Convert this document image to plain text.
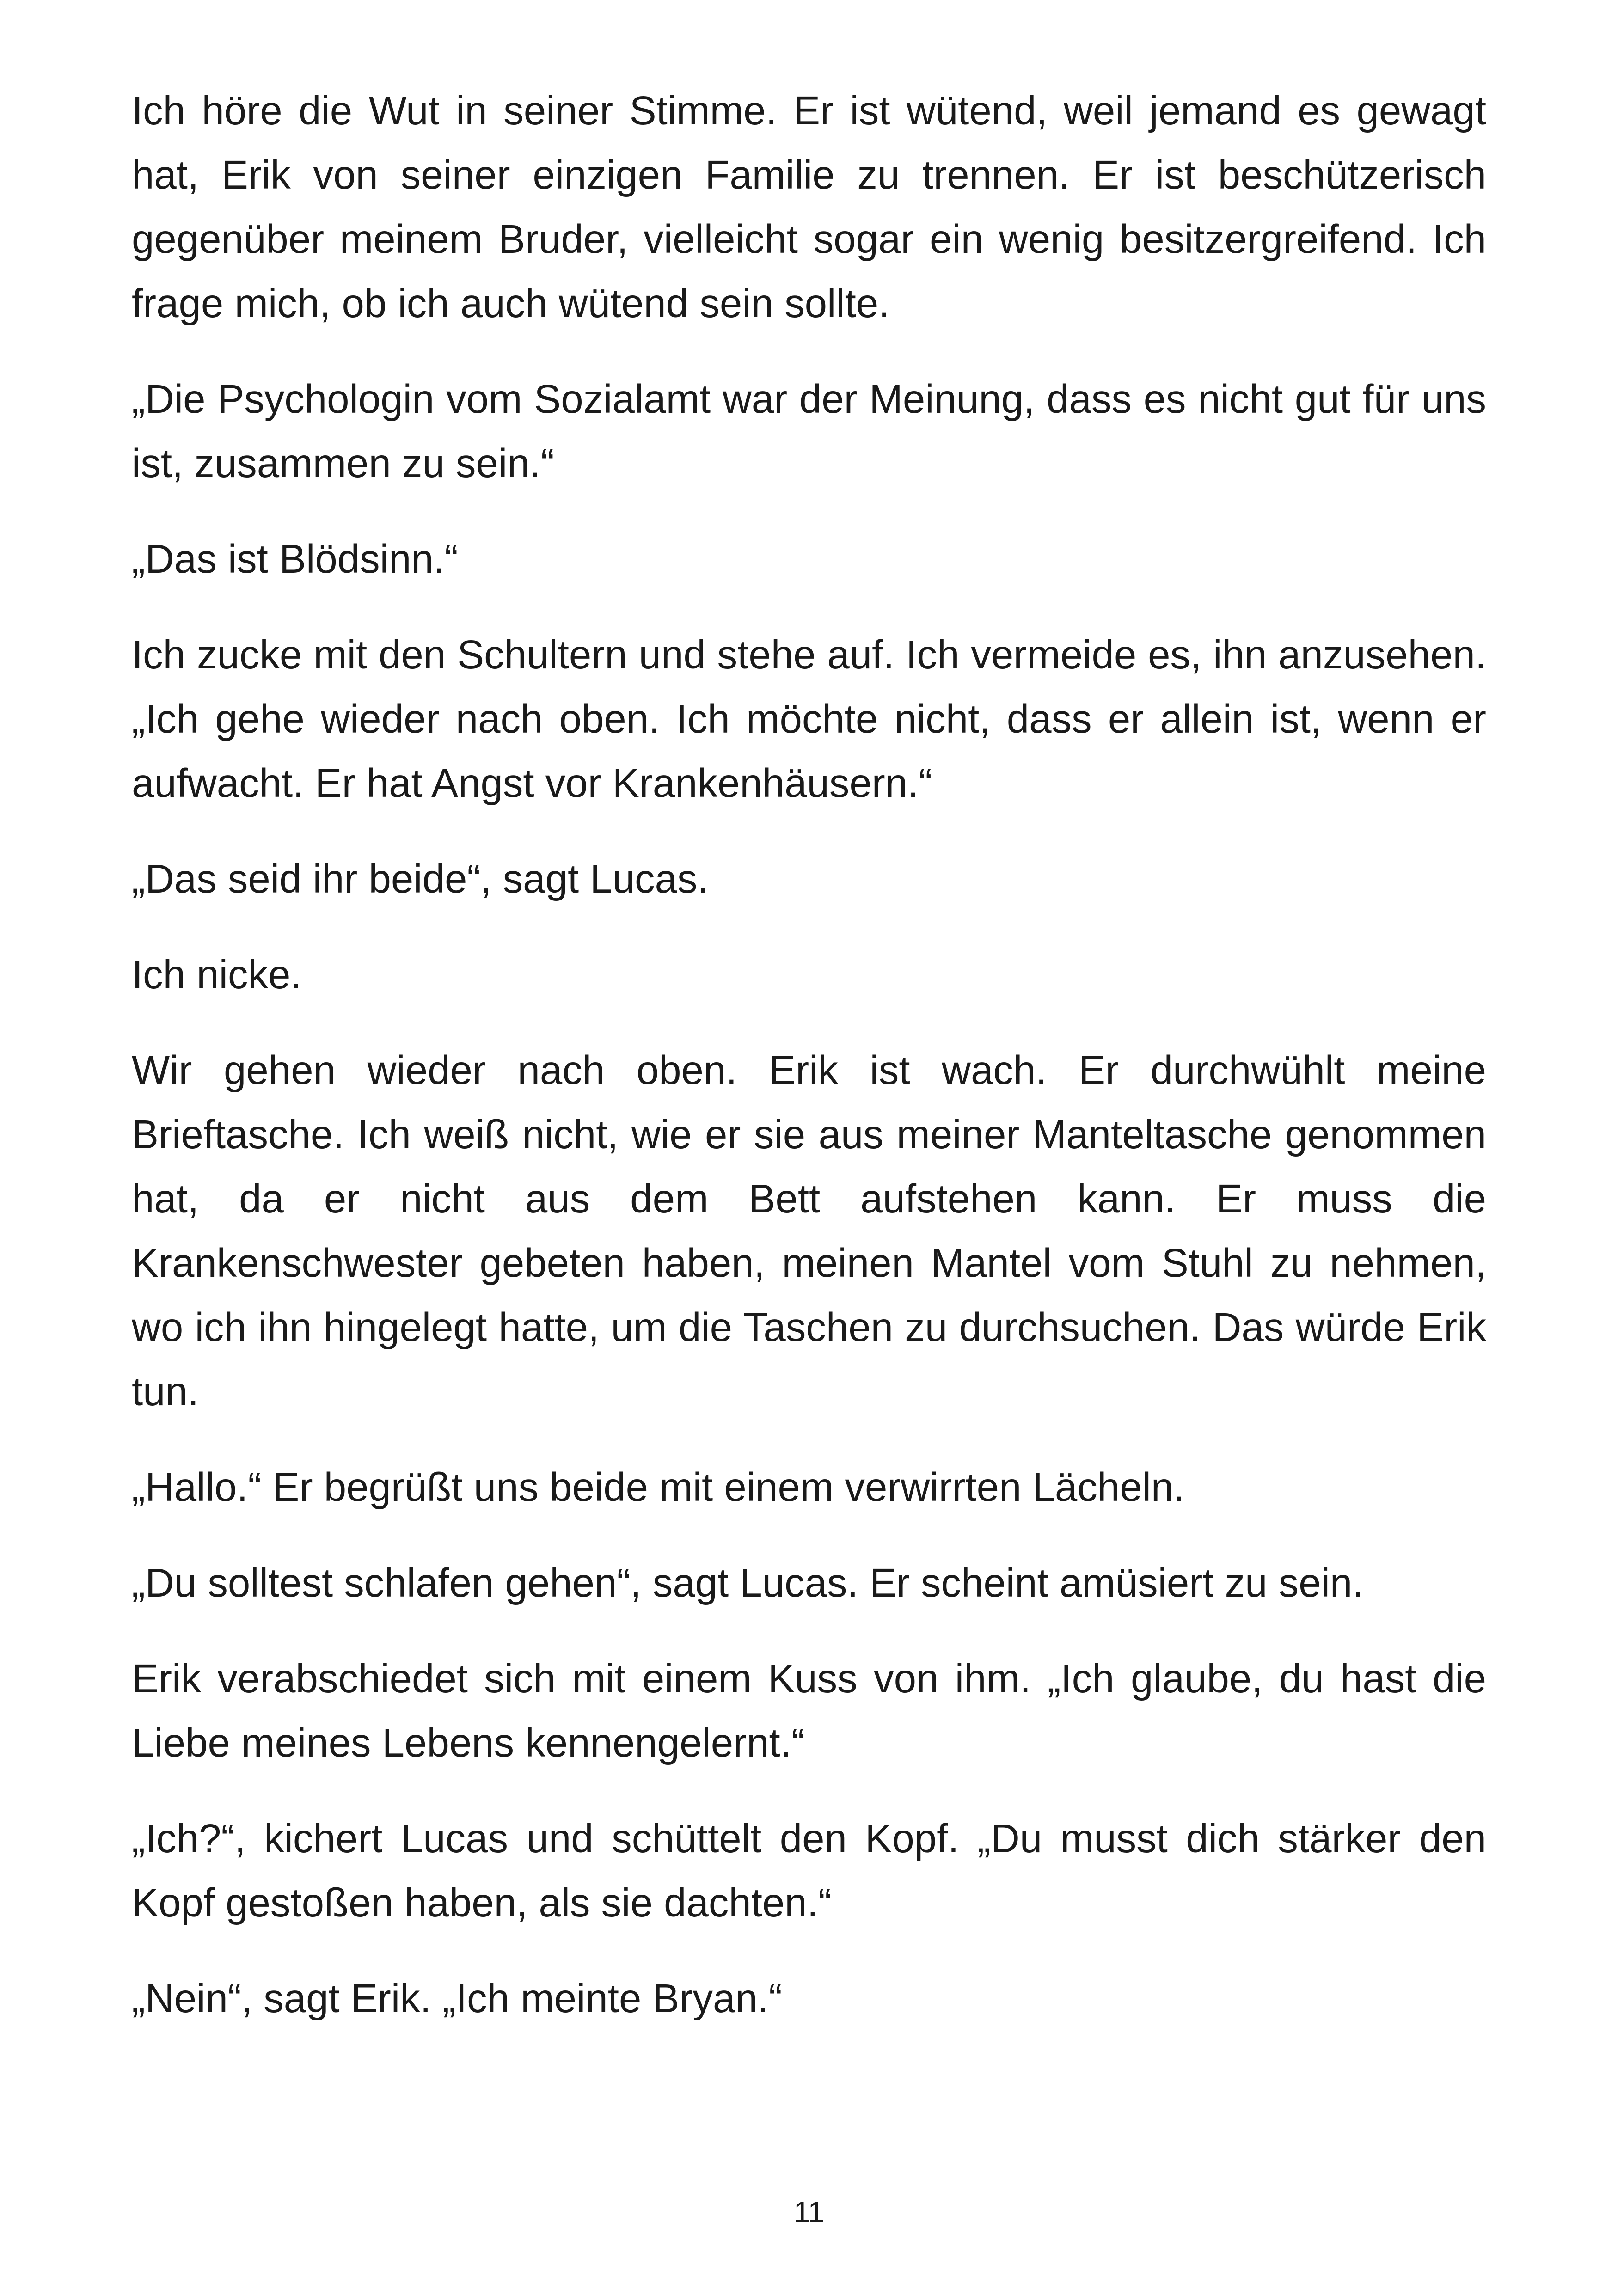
Ich höre die Wut in seiner Stimme. Er ist wütend, weil jemand es gewagt hat, Erik von seiner einzigen Familie zu trennen. Er ist beschützerisch gegenüber meinem Bruder, vielleicht sogar ein wenig besitzergreifend. Ich frage mich, ob ich auch wütend sein sollte.

„Die Psychologin vom Sozialamt war der Meinung, dass es nicht gut für uns ist, zusammen zu sein.“

„Das ist Blödsinn.“

Ich zucke mit den Schultern und stehe auf. Ich vermeide es, ihn anzusehen. „Ich gehe wieder nach oben. Ich möchte nicht, dass er allein ist, wenn er aufwacht. Er hat Angst vor Krankenhäusern.“

„Das seid ihr beide“, sagt Lucas.

Ich nicke.

Wir gehen wieder nach oben. Erik ist wach. Er durchwühlt meine Brieftasche. Ich weiß nicht, wie er sie aus meiner Manteltasche genommen hat, da er nicht aus dem Bett aufstehen kann. Er muss die Krankenschwester gebeten haben, meinen Mantel vom Stuhl zu nehmen, wo ich ihn hingelegt hatte, um die Taschen zu durchsuchen. Das würde Erik tun.

„Hallo.“ Er begrüßt uns beide mit einem verwirrten Lächeln.

„Du solltest schlafen gehen“, sagt Lucas. Er scheint amüsiert zu sein.

Erik verabschiedet sich mit einem Kuss von ihm. „Ich glaube, du hast die Liebe meines Lebens kennengelernt.“

„Ich?“, kichert Lucas und schüttelt den Kopf. „Du musst dich stärker den Kopf gestoßen haben, als sie dachten.“

„Nein“, sagt Erik. „Ich meinte Bryan.“

11
